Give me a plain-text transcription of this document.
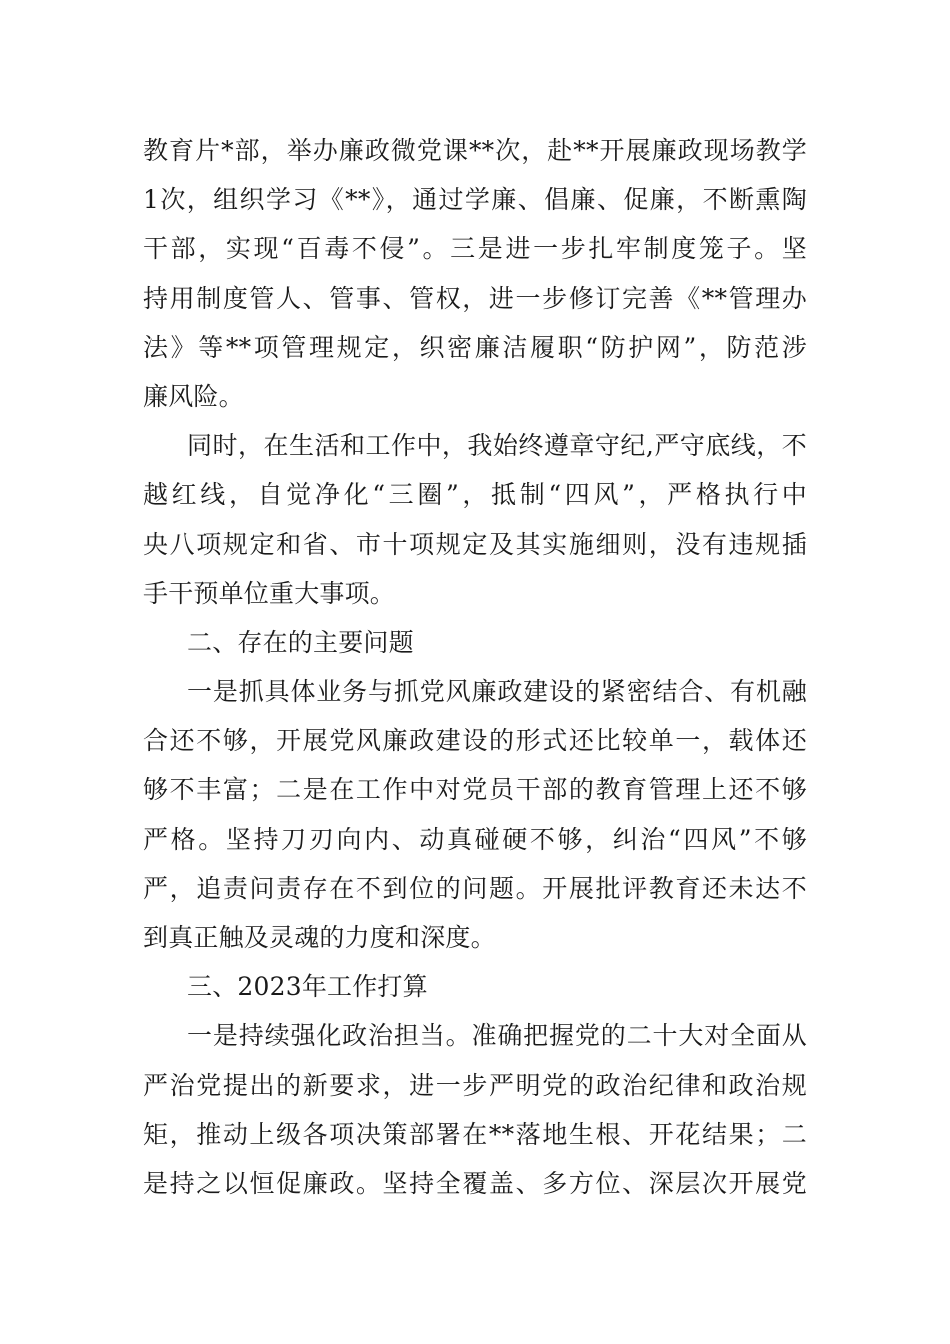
教育片*部，举办廉政微党课**次，赴**开展廉政现场教学
1次，组织学习《**》，通过学廉、倡廉、促廉，不断熏陶
干部，实现“百毒不侵”。三是进一步扎牢制度笼子。坚
持用制度管人、管事、管权，进一步修订完善《**管理办
法》等**项管理规定，织密廉洁履职“防护网”，防范涉
廉风险。
同时，在生活和工作中，我始终遵章守纪,严守底线，不
越红线，自觉净化“三圈”，抵制“四风”，严格执行中
央八项规定和省、市十项规定及其实施细则，没有违规插
手干预单位重大事项。
二、存在的主要问题
一是抓具体业务与抓党风廉政建设的紧密结合、有机融
合还不够，开展党风廉政建设的形式还比较单一，载体还
够不丰富；二是在工作中对党员干部的教育管理上还不够
严格。坚持刀刃向内、动真碰硬不够，纠治“四风”不够
严，追责问责存在不到位的问题。开展批评教育还未达不
到真正触及灵魂的力度和深度。
三、2023年工作打算
一是持续强化政治担当。准确把握党的二十大对全面从
严治党提出的新要求，进一步严明党的政治纪律和政治规
矩，推动上级各项决策部署在**落地生根、开花结果；二
是持之以恒促廉政。坚持全覆盖、多方位、深层次开展党
